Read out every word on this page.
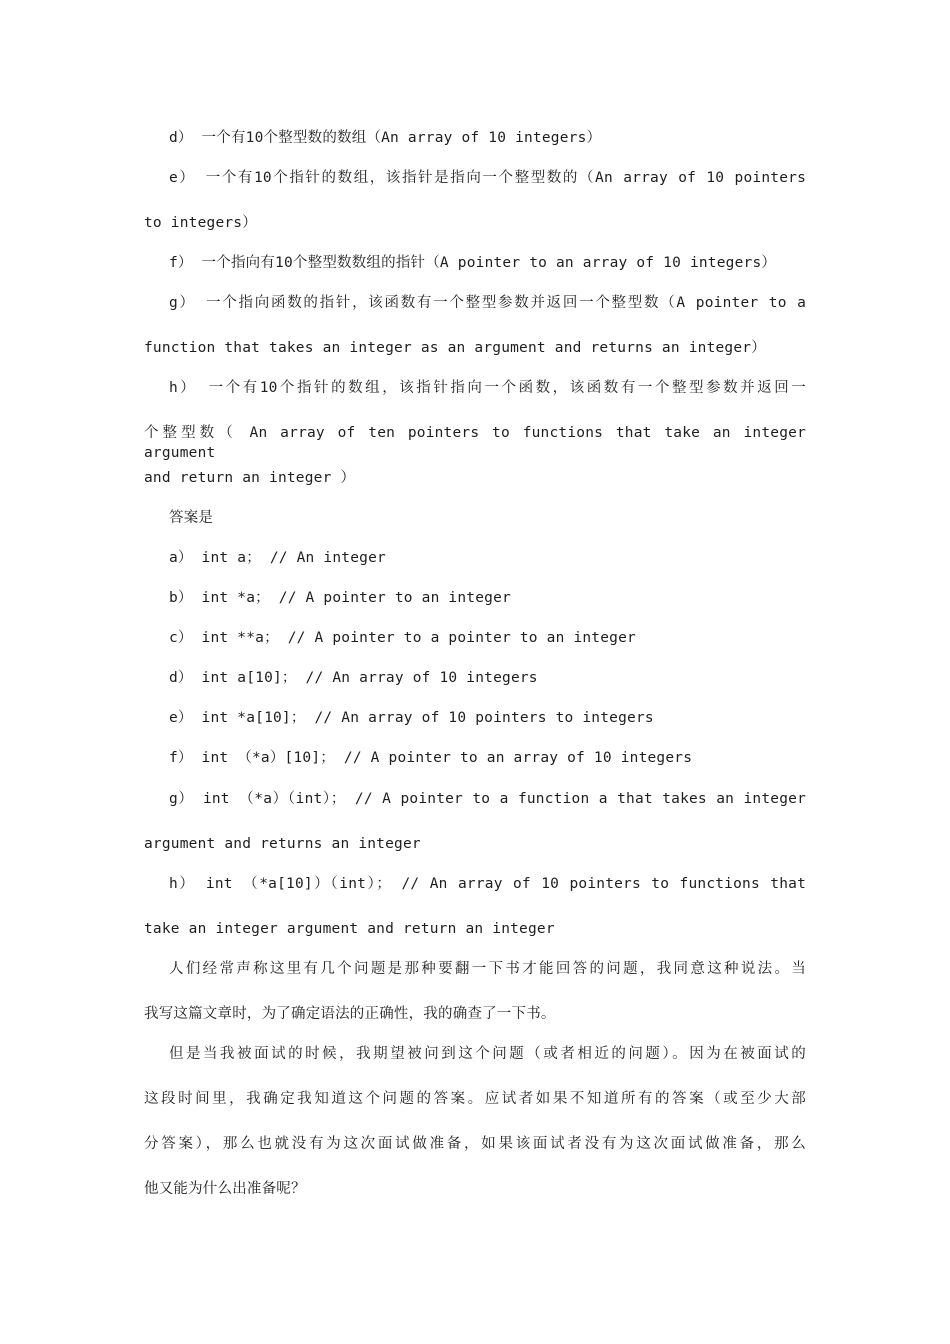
d） 一个有10个整型数的数组（An array of 10 integers）
e） 一个有10个指针的数组，该指针是指向一个整型数的（An array of 10 pointers
to integers）
f） 一个指向有10个整型数数组的指针（A pointer to an array of 10 integers）
g） 一个指向函数的指针，该函数有一个整型参数并返回一个整型数（A pointer to a
function that takes an integer as an argument and returns an integer）
h） 一个有10个指针的数组，该指针指向一个函数，该函数有一个整型参数并返回一
个整型数（ An array of ten pointers to functions that take an integer argument
and return an integer ）
答案是
a） int a； // An integer
b） int *a； // A pointer to an integer
c） int **a； // A pointer to a pointer to an integer
d） int a[10]； // An array of 10 integers
e） int *a[10]； // An array of 10 pointers to integers
f） int （*a）[10]； // A pointer to an array of 10 integers
g） int （*a）（int）； // A pointer to a function a that takes an integer
argument and returns an integer
h） int （*a[10]）（int）； // An array of 10 pointers to functions that
take an integer argument and return an integer
人们经常声称这里有几个问题是那种要翻一下书才能回答的问题，我同意这种说法。当
我写这篇文章时，为了确定语法的正确性，我的确查了一下书。
但是当我被面试的时候，我期望被问到这个问题（或者相近的问题）。因为在被面试的
这段时间里，我确定我知道这个问题的答案。应试者如果不知道所有的答案（或至少大部
分答案），那么也就没有为这次面试做准备，如果该面试者没有为这次面试做准备，那么
他又能为什么出准备呢？
